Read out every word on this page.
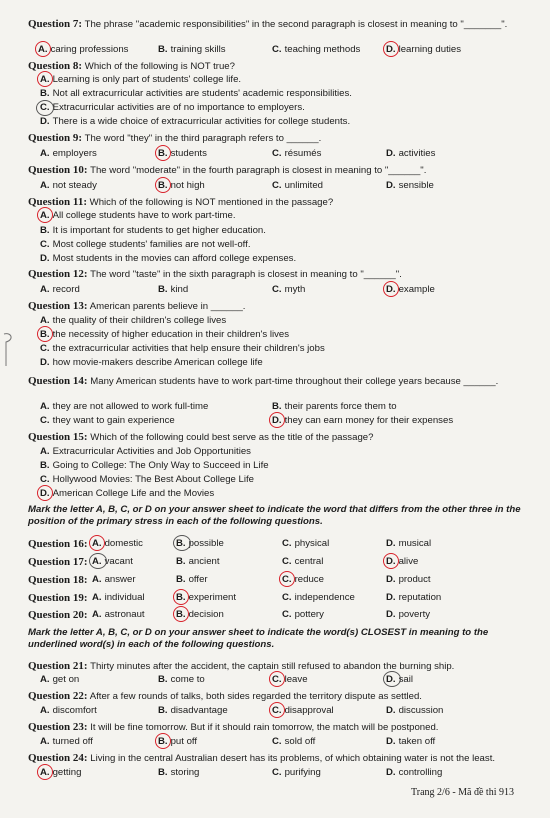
Question 7: The phrase "academic responsibilities" in the second paragraph is closest in meaning to "_______".
A. caring professions	B. training skills	C. teaching methods	D. learning duties
Question 8: Which of the following is NOT true?
A. Learning is only part of students' college life.
B. Not all extracurricular activities are students' academic responsibilities.
C. Extracurricular activities are of no importance to employers.
D. There is a wide choice of extracurricular activities for college students.
Question 9: The word "they" in the third paragraph refers to ______.
A. employers	B. students	C. résumés	D. activities
Question 10: The word "moderate" in the fourth paragraph is closest in meaning to "______".
A. not steady	B. not high	C. unlimited	D. sensible
Question 11: Which of the following is NOT mentioned in the passage?
A. All college students have to work part-time.
B. It is important for students to get higher education.
C. Most college students' families are not well-off.
D. Most students in the movies can afford college expenses.
Question 12: The word "taste" in the sixth paragraph is closest in meaning to "______".
A. record	B. kind	C. myth	D. example
Question 13: American parents believe in ______.
A. the quality of their children's college lives
B. the necessity of higher education in their children's lives
C. the extracurricular activities that help ensure their children's jobs
D. how movie-makers describe American college life
Question 14: Many American students have to work part-time throughout their college years because ______.
A. they are not allowed to work full-time	B. their parents force them to
C. they want to gain experience	D. they can earn money for their expenses
Question 15: Which of the following could best serve as the title of the passage?
A. Extracurricular Activities and Job Opportunities
B. Going to College: The Only Way to Succeed in Life
C. Hollywood Movies: The Best About College Life
D. American College Life and the Movies
Mark the letter A, B, C, or D on your answer sheet to indicate the word that differs from the other three in the position of the primary stress in each of the following questions.
Question 16: A. domestic	B. possible	C. physical	D. musical
Question 17: A. vacant	B. ancient	C. central	D. alive
Question 18: A. answer	B. offer	C. reduce	D. product
Question 19: A. individual	B. experiment	C. independence	D. reputation
Question 20: A. astronaut	B. decision	C. pottery	D. poverty
Mark the letter A, B, C, or D on your answer sheet to indicate the word(s) CLOSEST in meaning to the underlined word(s) in each of the following questions.
Question 21: Thirty minutes after the accident, the captain still refused to abandon the burning ship.
A. get on	B. come to	C. leave	D. sail
Question 22: After a few rounds of talks, both sides regarded the territory dispute as settled.
A. discomfort	B. disadvantage	C. disapproval	D. discussion
Question 23: It will be fine tomorrow. But if it should rain tomorrow, the match will be postponed.
A. turned off	B. put off	C. sold off	D. taken off
Question 24: Living in the central Australian desert has its problems, of which obtaining water is not the least.
A. getting	B. storing	C. purifying	D. controlling
Trang 2/6 - Mã đề thi 913
